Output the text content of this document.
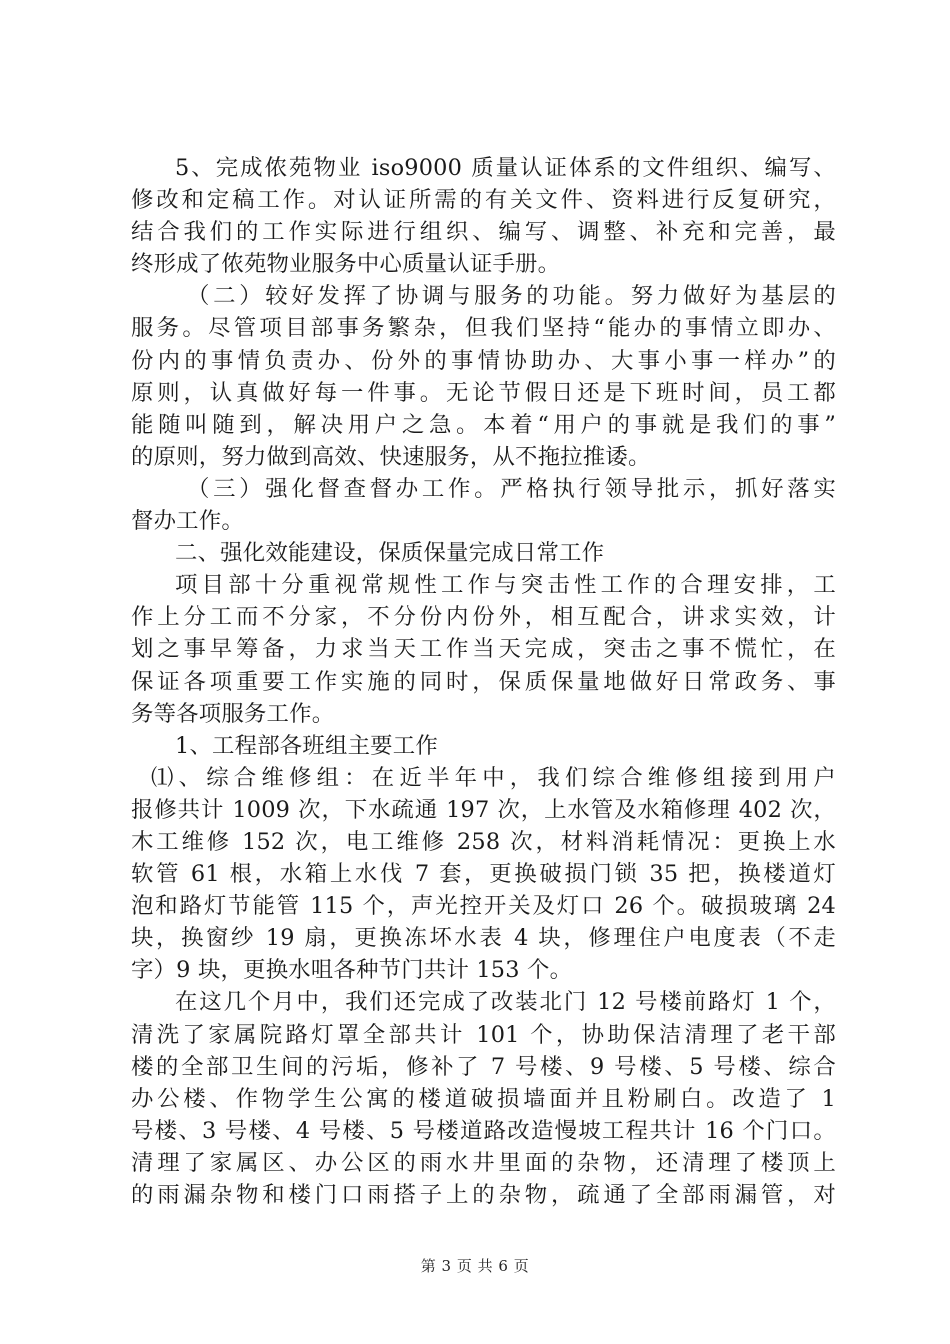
5、完成侬苑物业 iso9000 质量认证体系的文件组织、编写、
修改和定稿工作。对认证所需的有关文件、资料进行反复研究，
结合我们的工作实际进行组织、编写、调整、补充和完善，最
终形成了侬苑物业服务中心质量认证手册。
（二）较好发挥了协调与服务的功能。努力做好为基层的
服务。尽管项目部事务繁杂，但我们坚持“能办的事情立即办、
份内的事情负责办、份外的事情协助办、大事小事一样办”的
原则，认真做好每一件事。无论节假日还是下班时间，员工都
能随叫随到，解决用户之急。本着“用户的事就是我们的事”
的原则，努力做到高效、快速服务，从不拖拉推诿。
（三）强化督查督办工作。严格执行领导批示，抓好落实
督办工作。
二、强化效能建设，保质保量完成日常工作
项目部十分重视常规性工作与突击性工作的合理安排，工
作上分工而不分家，不分份内份外，相互配合，讲求实效，计
划之事早筹备，力求当天工作当天完成，突击之事不慌忙，在
保证各项重要工作实施的同时，保质保量地做好日常政务、事
务等各项服务工作。
1、工程部各班组主要工作
⑴、综合维修组：在近半年中，我们综合维修组接到用户
报修共计 1009 次，下水疏通 197 次，上水管及水箱修理 402 次，
木工维修 152 次，电工维修 258 次，材料消耗情况：更换上水
软管 61 根，水箱上水伐 7 套，更换破损门锁 35 把，换楼道灯
泡和路灯节能管 115 个，声光控开关及灯口 26 个。破损玻璃 24
块，换窗纱 19 扇，更换冻坏水表 4 块，修理住户电度表（不走
字）9 块，更换水咀各种节门共计 153 个。
在这几个月中，我们还完成了改装北门 12 号楼前路灯 1 个，
清洗了家属院路灯罩全部共计 101 个，协助保洁清理了老干部
楼的全部卫生间的污垢，修补了 7 号楼、9 号楼、5 号楼、综合
办公楼、作物学生公寓的楼道破损墙面并且粉刷白。改造了 1
号楼、3 号楼、4 号楼、5 号楼道路改造慢坡工程共计 16 个门口。
清理了家属区、办公区的雨水井里面的杂物，还清理了楼顶上
的雨漏杂物和楼门口雨搭子上的杂物，疏通了全部雨漏管，对
第 3 页 共 6 页
